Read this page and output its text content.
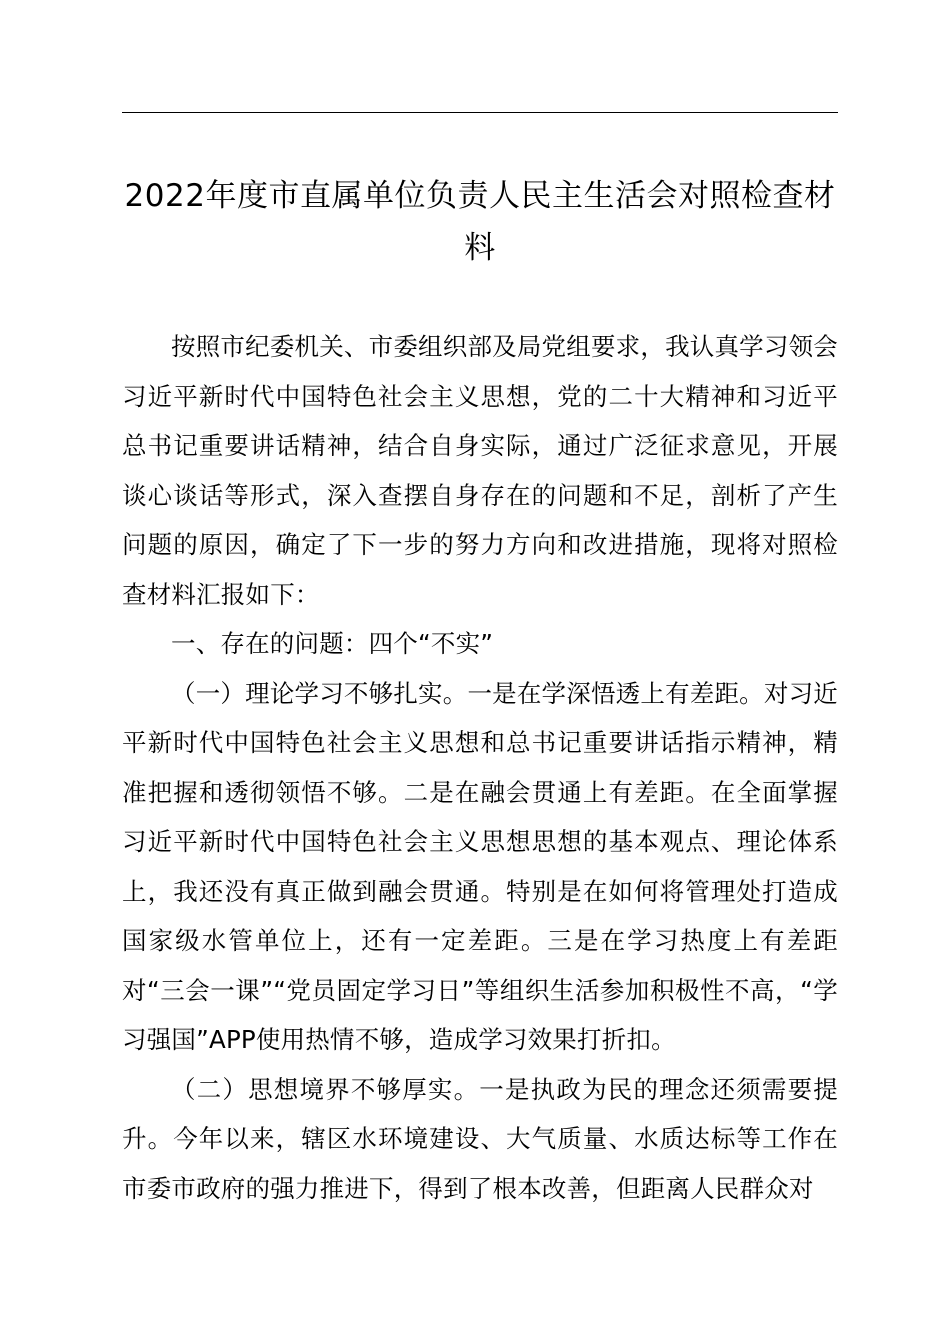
2022年度市直属单位负责人民主生活会对照检查材料

按照市纪委机关、市委组织部及局党组要求，我认真学习领会习近平新时代中国特色社会主义思想，党的二十大精神和习近平总书记重要讲话精神，结合自身实际，通过广泛征求意见，开展谈心谈话等形式，深入查摆自身存在的问题和不足，剖析了产生问题的原因，确定了下一步的努力方向和改进措施，现将对照检查材料汇报如下：

一、存在的问题：四个“不实”

（一）理论学习不够扎实。一是在学深悟透上有差距。对习近平新时代中国特色社会主义思想和总书记重要讲话指示精神，精准把握和透彻领悟不够。二是在融会贯通上有差距。在全面掌握习近平新时代中国特色社会主义思想思想的基本观点、理论体系上，我还没有真正做到融会贯通。特别是在如何将管理处打造成国家级水管单位上，还有一定差距。三是在学习热度上有差距对“三会一课”“党员固定学习日”等组织生活参加积极性不高，“学习强国”APP使用热情不够，造成学习效果打折扣。

（二）思想境界不够厚实。一是执政为民的理念还须需要提升。今年以来，辖区水环境建设、大气质量、水质达标等工作在市委市政府的强力推进下，得到了根本改善，但距离人民群众对
